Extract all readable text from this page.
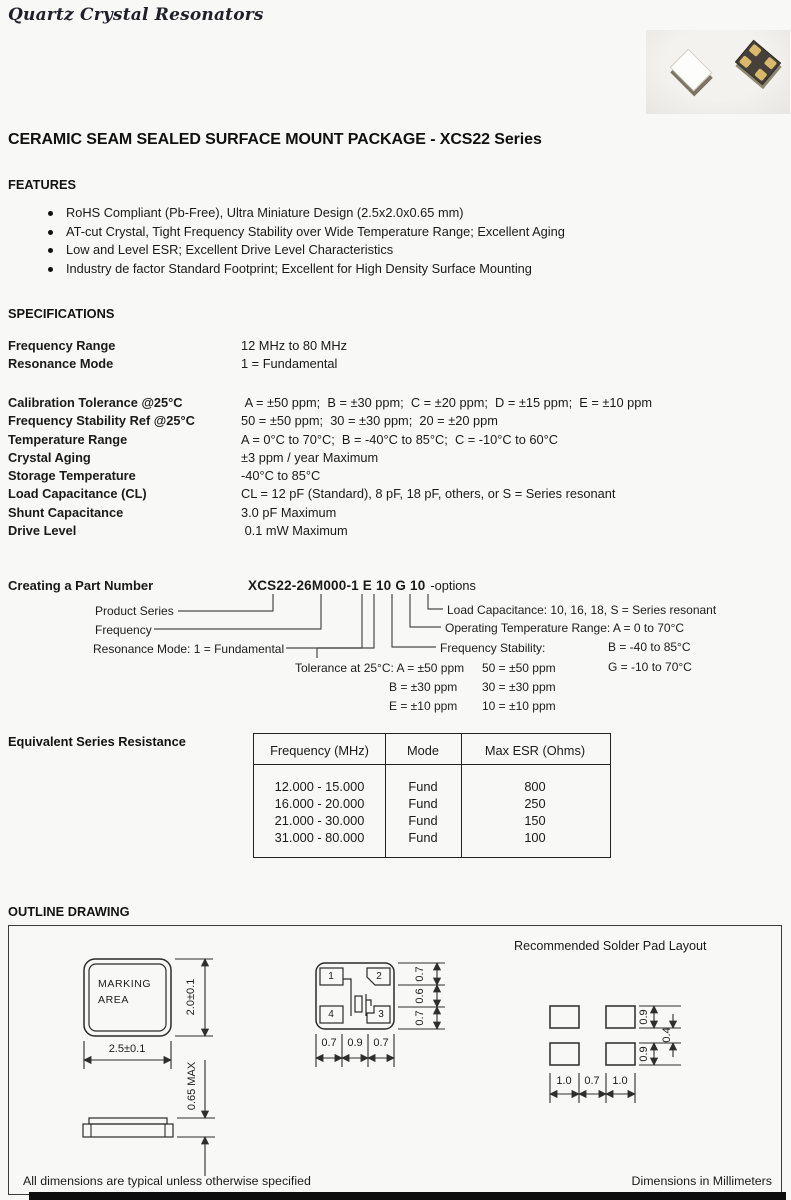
Quartz Crystal Resonators
CERAMIC SEAM SEALED SURFACE MOUNT PACKAGE - XCS22 Series
FEATURES
RoHS Compliant (Pb-Free), Ultra Miniature Design (2.5x2.0x0.65 mm)
AT-cut Crystal, Tight Frequency Stability over Wide Temperature Range; Excellent Aging
Low and Level ESR; Excellent Drive Level Characteristics
Industry de factor Standard Footprint; Excellent for High Density Surface Mounting
SPECIFICATIONS
Frequency Range	12 MHz to 80 MHz
Resonance Mode	1 = Fundamental
Calibration Tolerance @25°C	A = ±50 ppm;  B = ±30 ppm;  C = ±20 ppm;  D = ±15 ppm;  E = ±10 ppm
Frequency Stability Ref @25°C	50 = ±50 ppm;  30 = ±30 ppm;  20 = ±20 ppm
Temperature Range	A = 0°C to 70°C;  B = -40°C to 85°C;  C = -10°C to 60°C
Crystal Aging	±3 ppm / year Maximum
Storage Temperature	-40°C to 85°C
Load Capacitance (CL)	CL = 12 pF (Standard), 8 pF, 18 pF, others, or S = Series resonant
Shunt Capacitance	3.0 pF Maximum
Drive Level	0.1 mW Maximum
Creating a Part Number	XCS22-26M000-1 E 10 G 10 -options
Product Series
Frequency
Resonance Mode: 1 = Fundamental
Tolerance at 25°C: A = ±50 ppm
B = ±30 ppm
E = ±10 ppm
Frequency Stability:
50 = ±50 ppm
30 = ±30 ppm
10 = ±10 ppm
Load Capacitance: 10, 16, 18, S = Series resonant
Operating Temperature Range: A = 0 to 70°C
B = -40 to 85°C
G = -10 to 70°C
Equivalent Series Resistance
Frequency (MHz)	Mode	Max ESR (Ohms)
12.000 - 15.000	Fund	800
16.000 - 20.000	Fund	250
21.000 - 30.000	Fund	150
31.000 - 80.000	Fund	100
OUTLINE DRAWING
Recommended Solder Pad Layout
MARKING
AREA	2.0±0.1
2.5±0.1
0.65 MAX
1	2
4	3
0.7
0.6
0.7
0.7 0.9 0.7
0.9
0.4
0.9
1.0	0.7	1.0
All dimensions are typical unless otherwise specified	Dimensions in Millimeters
